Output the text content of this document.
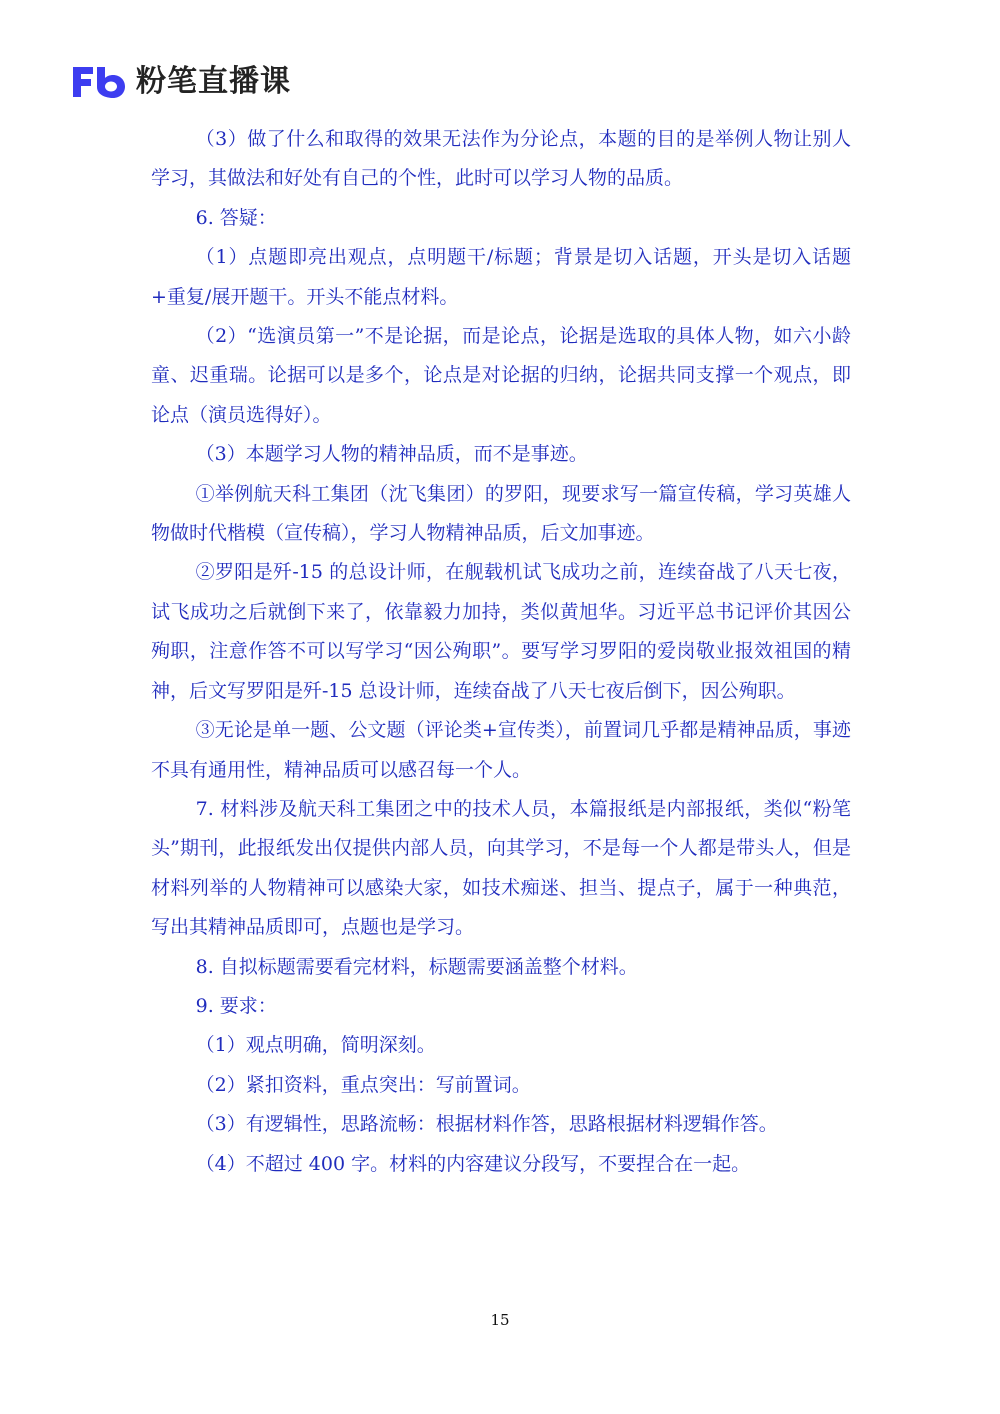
粉笔直播课

（3）做了什么和取得的效果无法作为分论点，本题的目的是举例人物让别人学习，其做法和好处有自己的个性，此时可以学习人物的品质。

6. 答疑：

（1）点题即亮出观点，点明题干/标题；背景是切入话题，开头是切入话题+重复/展开题干。开头不能点材料。

（2）“选演员第一”不是论据，而是论点，论据是选取的具体人物，如六小龄童、迟重瑞。论据可以是多个，论点是对论据的归纳，论据共同支撑一个观点，即论点（演员选得好）。

（3）本题学习人物的精神品质，而不是事迹。

①举例航天科工集团（沈飞集团）的罗阳，现要求写一篇宣传稿，学习英雄人物做时代楷模（宣传稿），学习人物精神品质，后文加事迹。

②罗阳是歼-15 的总设计师，在舰载机试飞成功之前，连续奋战了八天七夜，试飞成功之后就倒下来了，依靠毅力加持，类似黄旭华。习近平总书记评价其因公殉职，注意作答不可以写学习“因公殉职”。要写学习罗阳的爱岗敬业报效祖国的精神，后文写罗阳是歼-15 总设计师，连续奋战了八天七夜后倒下，因公殉职。

③无论是单一题、公文题（评论类+宣传类），前置词几乎都是精神品质，事迹不具有通用性，精神品质可以感召每一个人。

7. 材料涉及航天科工集团之中的技术人员，本篇报纸是内部报纸，类似“粉笔头”期刊，此报纸发出仅提供内部人员，向其学习，不是每一个人都是带头人，但是材料列举的人物精神可以感染大家，如技术痴迷、担当、提点子，属于一种典范，写出其精神品质即可，点题也是学习。

8. 自拟标题需要看完材料，标题需要涵盖整个材料。

9. 要求：

（1）观点明确，简明深刻。

（2）紧扣资料，重点突出：写前置词。

（3）有逻辑性，思路流畅：根据材料作答，思路根据材料逻辑作答。

（4）不超过 400 字。材料的内容建议分段写，不要捏合在一起。

15
